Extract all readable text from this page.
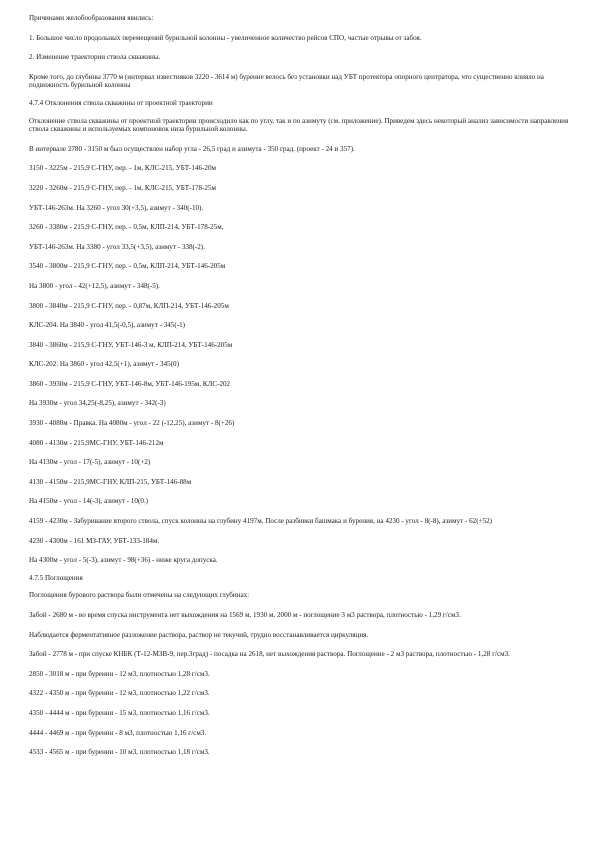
Причинами желобообразования явились:

1. Большое число продольных перемещений бурильной колонны - увеличенное количество рейсов СПО, частые отрывы от забоя.

2. Изменение траектории ствола скважины.

Кроме того, до глубины 3770 м (интервал известняков 3220 - 3614 м) бурение велось без установки над УБТ протектора опорного центратора, что существенно влияло на подвижность бурильной колонны

4.7.4 Отклонения ствола скважины от проектной траектории

Отклонение ствола скважины от проектной траектории происходило как по углу, так и по азимуту (см. приложение). Приведем здесь некоторый анализ зависимости направления ствола скважины и используемых компоновок низа бурильной колонны.

В интервале 2780 - 3150 м был осуществлен набор угла - 26,5 град и азимута - 350 град. (проект - 24 и 357).

3150 - 3225м - 215,9 С-ГНУ, пер. - 1м, КЛС-215, УБТ-146-20м

3220 - 3260м - 215,9 С-ГНУ, пер. - 1м, КЛС-215, УБТ-178-25м

УБТ-146-263м. На 3260 - угол 30(+3,5), азимут - 340(-10).

3260 - 3380м - 215,9 С-ГНУ, пер. - 0,5м, КЛП-214, УБТ-178-25м,

УБТ-146-263м. На 3380 - угол 33,5(+3,5), азимут - 338(-2).

3540 - 3800м - 215,9 С-ГНУ, пер. - 0,5м, КЛП-214, УБТ-146-205м

На 3800 - угол - 42(+12,5), азимут - 348(-5).

3800 - 3840м - 215,9 С-ГНУ, пер. - 0,87м, КЛП-214, УБТ-146-205м

КЛС-204. На 3840 - угол 41,5(-0,5), азимут - 345(-1)

3840 - 3860м - 215,9 С-ГНУ, УБТ-146-3 м, КЛП-214, УБТ-146-205м

КЛС-202. На 3860 - угол 42,5(+1), азимут - 345(0)

3860 - 3930м - 215,9 С-ГНУ, УБТ-146-8м, УБТ-146-195м, КЛС-202

На 3930м - угол 34,25(-8,25), азимут - 342(-3)

3930 - 4080м - Правка. На 4080м - угол - 22 (-12,25), азимут - 8(+26)

4080 - 4130м - 215,9МС-ГНУ, УБТ-146-212м

На 4130м - угол - 17(-5), азимут - 10(+2)

4130 - 4150м - 215,9МС-ГНУ, КЛП-215, УБТ-146-88м

На 4150м - угол - 14(-3), азимут - 10(0.)

4159 - 4230м - Забуривание второго ствола, спуск колонны на глубину 4197м. После разбивки башмака и бурения, на 4230 - угол - 8(-8), азимут - 62(+52)

4230 - 4300м - 161 МЗ-ГАУ, УБТ-133-184м.

На 4300м - угол - 5(-3), азимут - 98(+36) - ниже круга допуска.

4.7.5 Поглощения

Поглощения бурового раствора были отмечены на следующих глубинах:

Забой - 2680 м - во время спуска инструмента нет выхождения на 1569 м, 1930 м, 2000 м - поглощение 3 м3 раствора, плотностью - 1,29 г/см3.

Наблюдается ферментативное разложение раствора, раствор не текучий, трудно восстанавливается циркуляция.

Забой - 2778 м - при спуске КНБК (Т-12-МЗВ-9, пер.3град) - посадка на 2618, нет выхождения раствора. Поглощение - 2 м3 раствора, плотностью - 1,28 г/см3.

2850 - 3018 м - при бурении - 12 м3, плотностью 1,28 г/см3.

4322 - 4350 м - при бурении - 12 м3, плотностью 1,22 г/см3.

4350 - 4444 м - при бурении - 15 м3, плотностью 1,16 г/см3.

4444 - 4469 м - при бурении - 8 м3, плотностью 1,16 г/см3.

4533 - 4565 м - при бурении - 10 м3, плотностью 1,18 г/см3.
